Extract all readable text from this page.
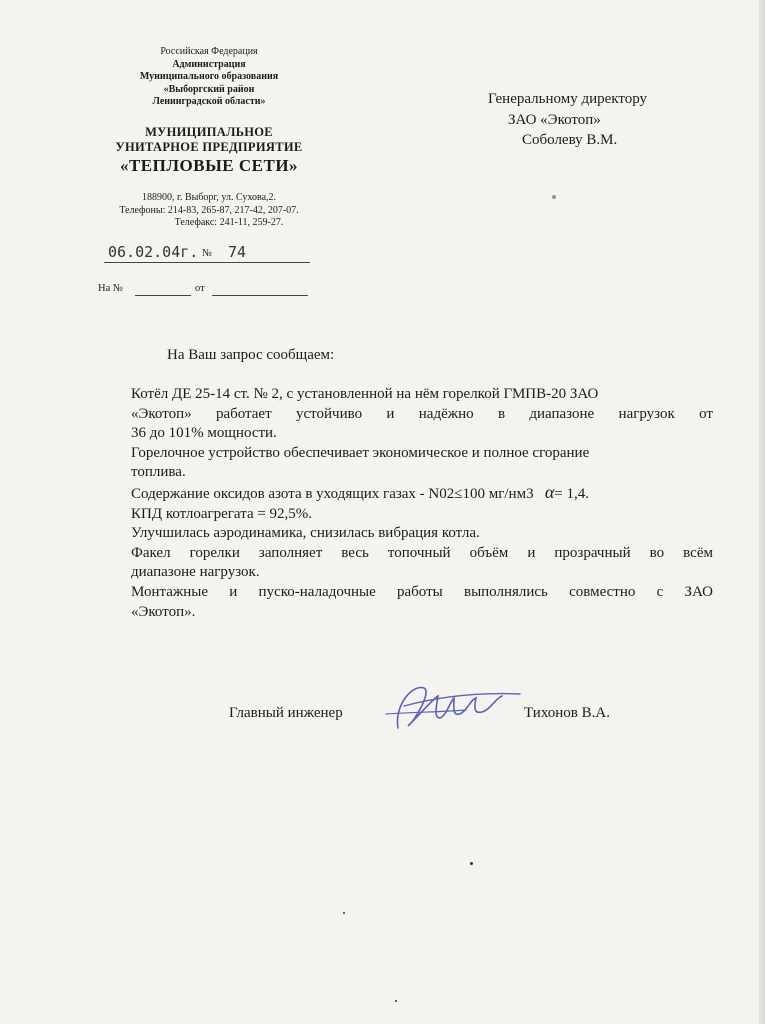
Российская Федерация
Администрация
Муниципального образования
«Выборгский район
Ленинградской области»
МУНИЦИПАЛЬНОЕ
УНИТАРНОЕ ПРЕДПРИЯТИЕ
«ТЕПЛОВЫЕ СЕТИ»
188900, г. Выборг, ул. Сухова,2.
Телефоны: 214-83, 265-87, 217-42, 207-07.
Телефакс: 241-11, 259-27.
06.02.04г. № 74
На №	от
Генеральному директору
ЗАО «Экотоп»
Соболеву В.М.
На Ваш запрос сообщаем:

Котёл ДЕ 25-14 ст. № 2, с установленной на нём горелкой ГМПВ-20 ЗАО

«Экотоп» работает устойчиво и надёжно в диапазоне нагрузок от

36 до 101% мощности.

Горелочное устройство обеспечивает экономическое и полное сгорание

топлива.

Содержание оксидов азота в уходящих газах - N02≤100 мг/нм3 α= 1,4.

КПД котлоагрегата = 92,5%.

Улучшилась аэродинамика, снизилась вибрация котла.

Факел горелки заполняет весь топочный объём и прозрачный во всём

диапазоне нагрузок.

Монтажные и пуско-наладочные работы выполнялись совместно с ЗАО

«Экотоп».

Главный инженер	Тихонов В.А.
